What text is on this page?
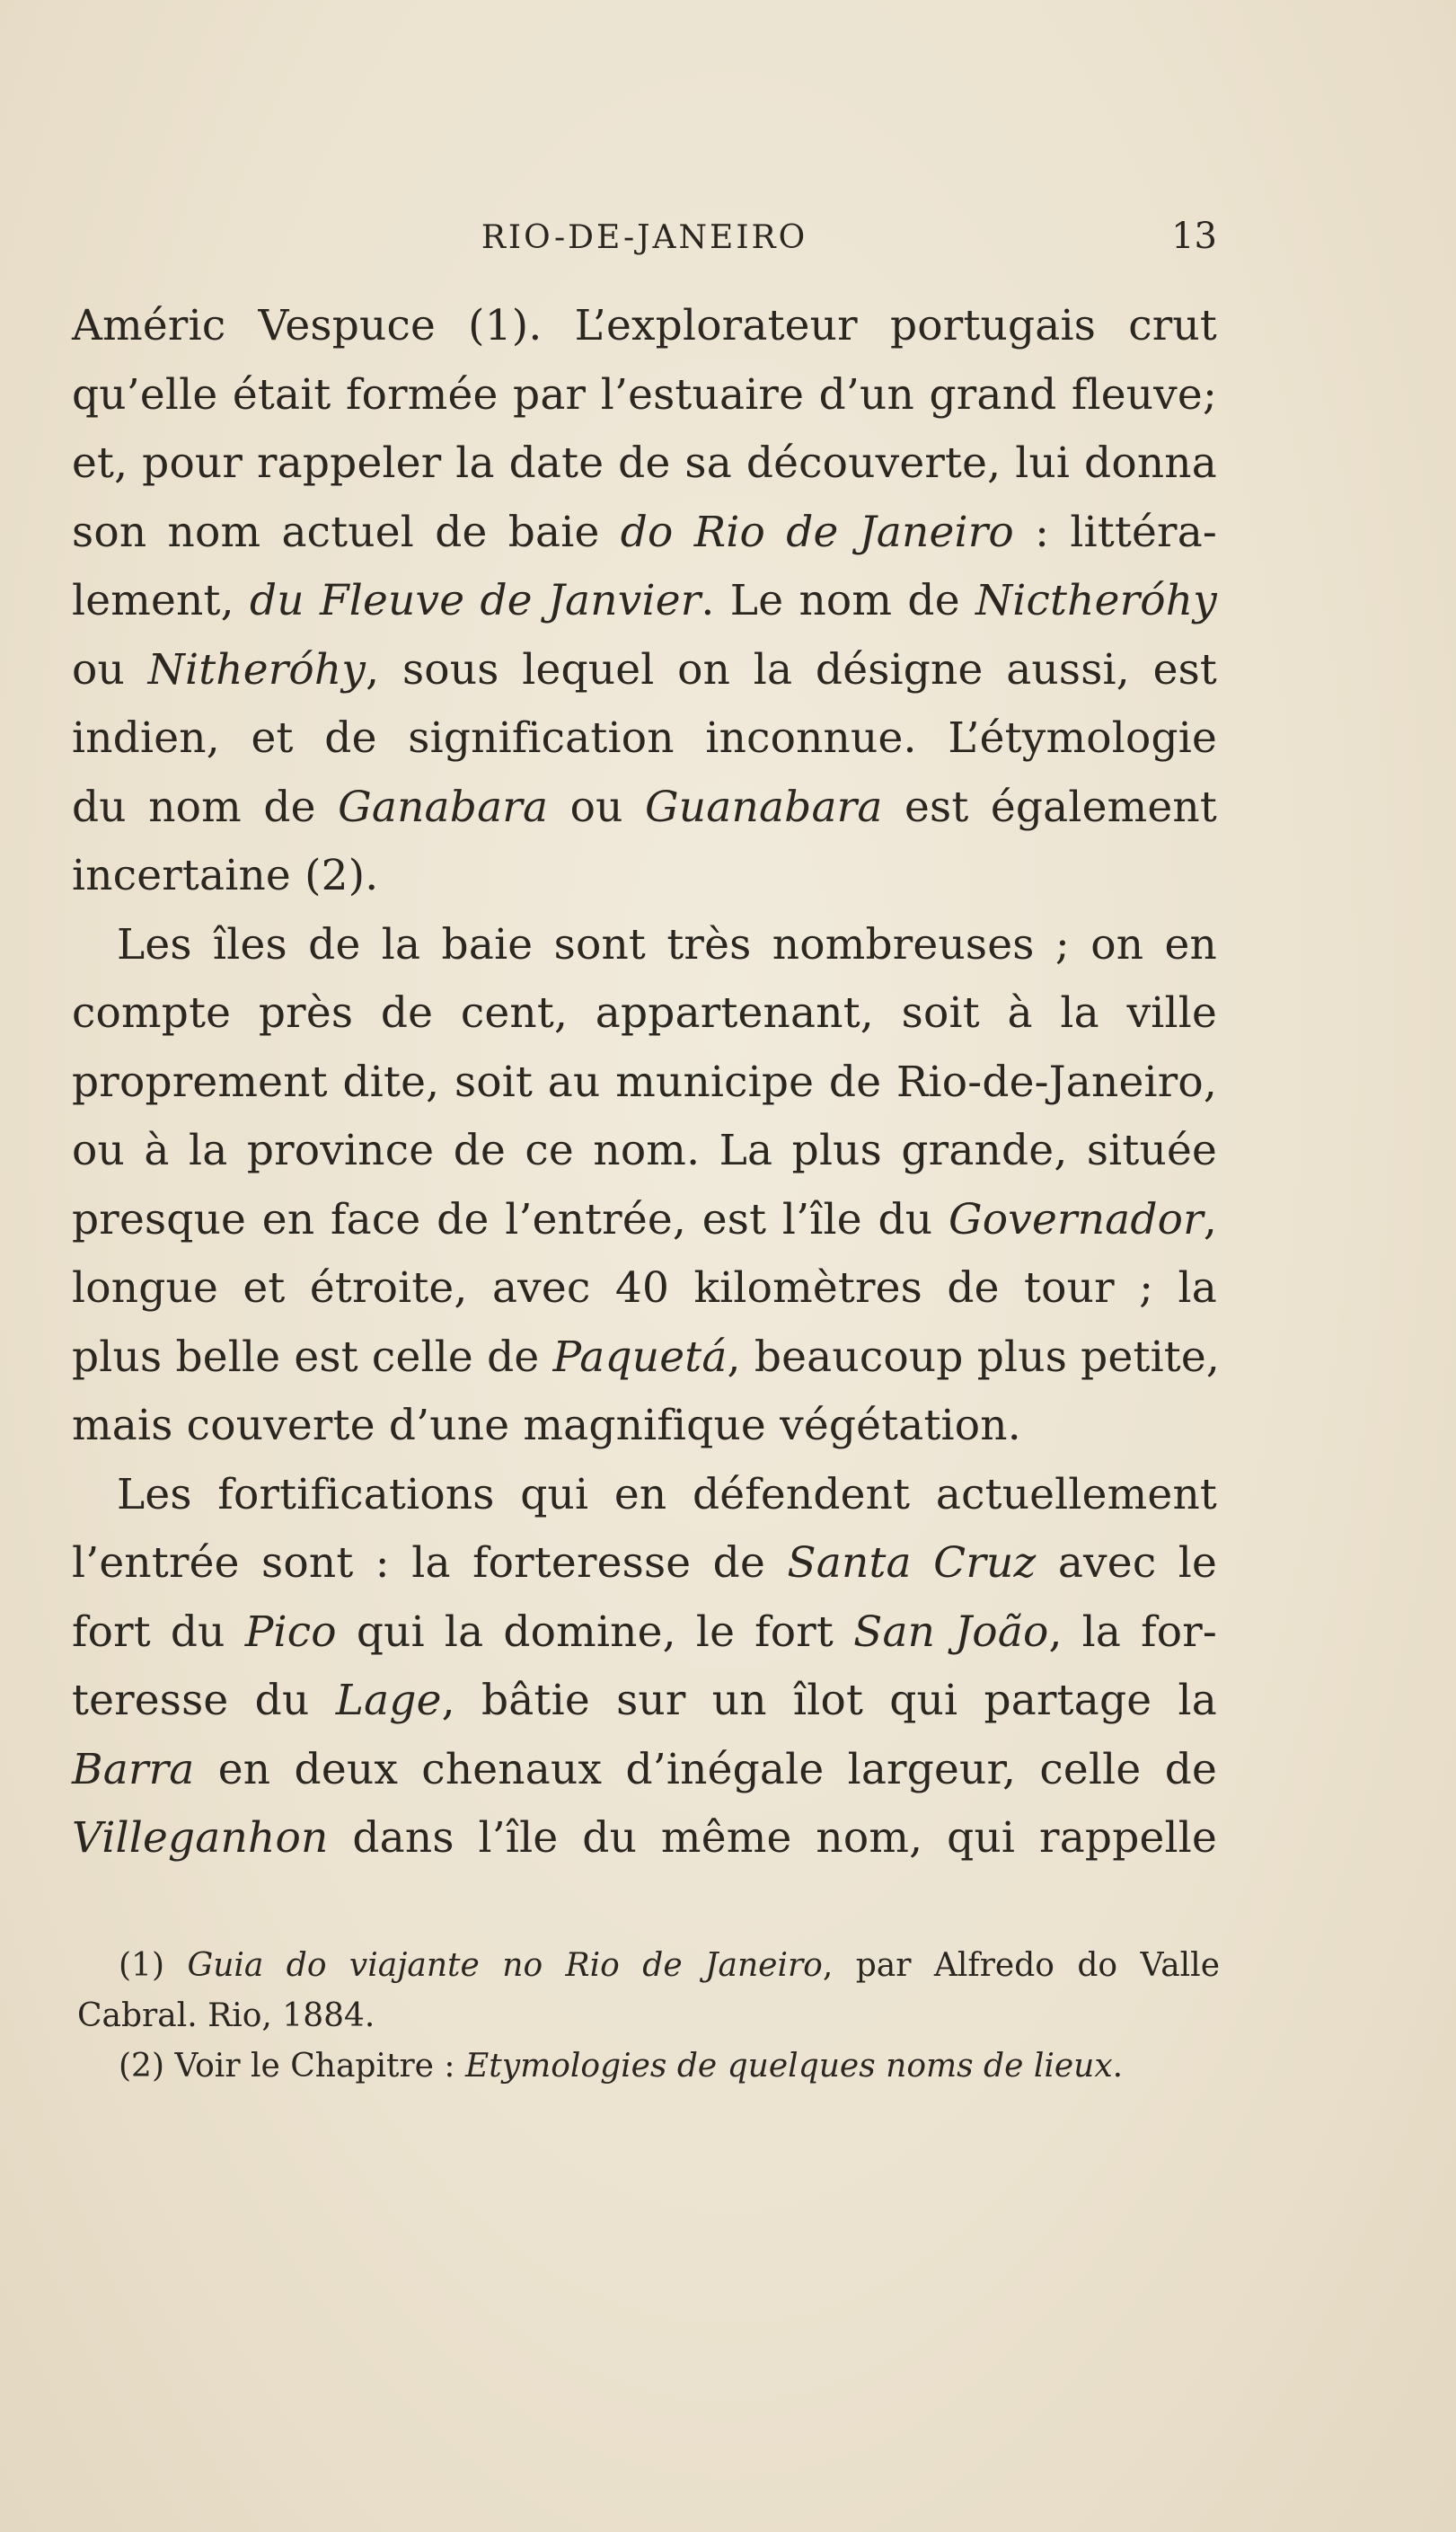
RIO-DE-JANEIRO	13
Améric Vespuce (1). L’explorateur portugais crut
qu’elle était formée par l’estuaire d’un grand fleuve;
et, pour rappeler la date de sa découverte, lui donna
son nom actuel de baie do Rio de Janeiro : littéra-
lement, du Fleuve de Janvier. Le nom de Nictheróhy
ou Nitheróhy, sous lequel on la désigne aussi, est
indien, et de signification inconnue. L’étymologie
du nom de Ganabara ou Guanabara est également
incertaine (2).
Les îles de la baie sont très nombreuses ; on en
compte près de cent, appartenant, soit à la ville
proprement dite, soit au municipe de Rio-de-Janeiro,
ou à la province de ce nom. La plus grande, située
presque en face de l’entrée, est l’île du Governador,
longue et étroite, avec 40 kilomètres de tour ; la
plus belle est celle de Paquetá, beaucoup plus petite,
mais couverte d’une magnifique végétation.
Les fortifications qui en défendent actuellement
l’entrée sont : la forteresse de Santa Cruz avec le
fort du Pico qui la domine, le fort San João, la for-
teresse du Lage, bâtie sur un îlot qui partage la
Barra en deux chenaux d’inégale largeur, celle de
Villeganhon dans l’île du même nom, qui rappelle
(1) Guia do viajante no Rio de Janeiro, par Alfredo do Valle
Cabral. Rio, 1884.
(2) Voir le Chapitre : Etymologies de quelques noms de lieux.
